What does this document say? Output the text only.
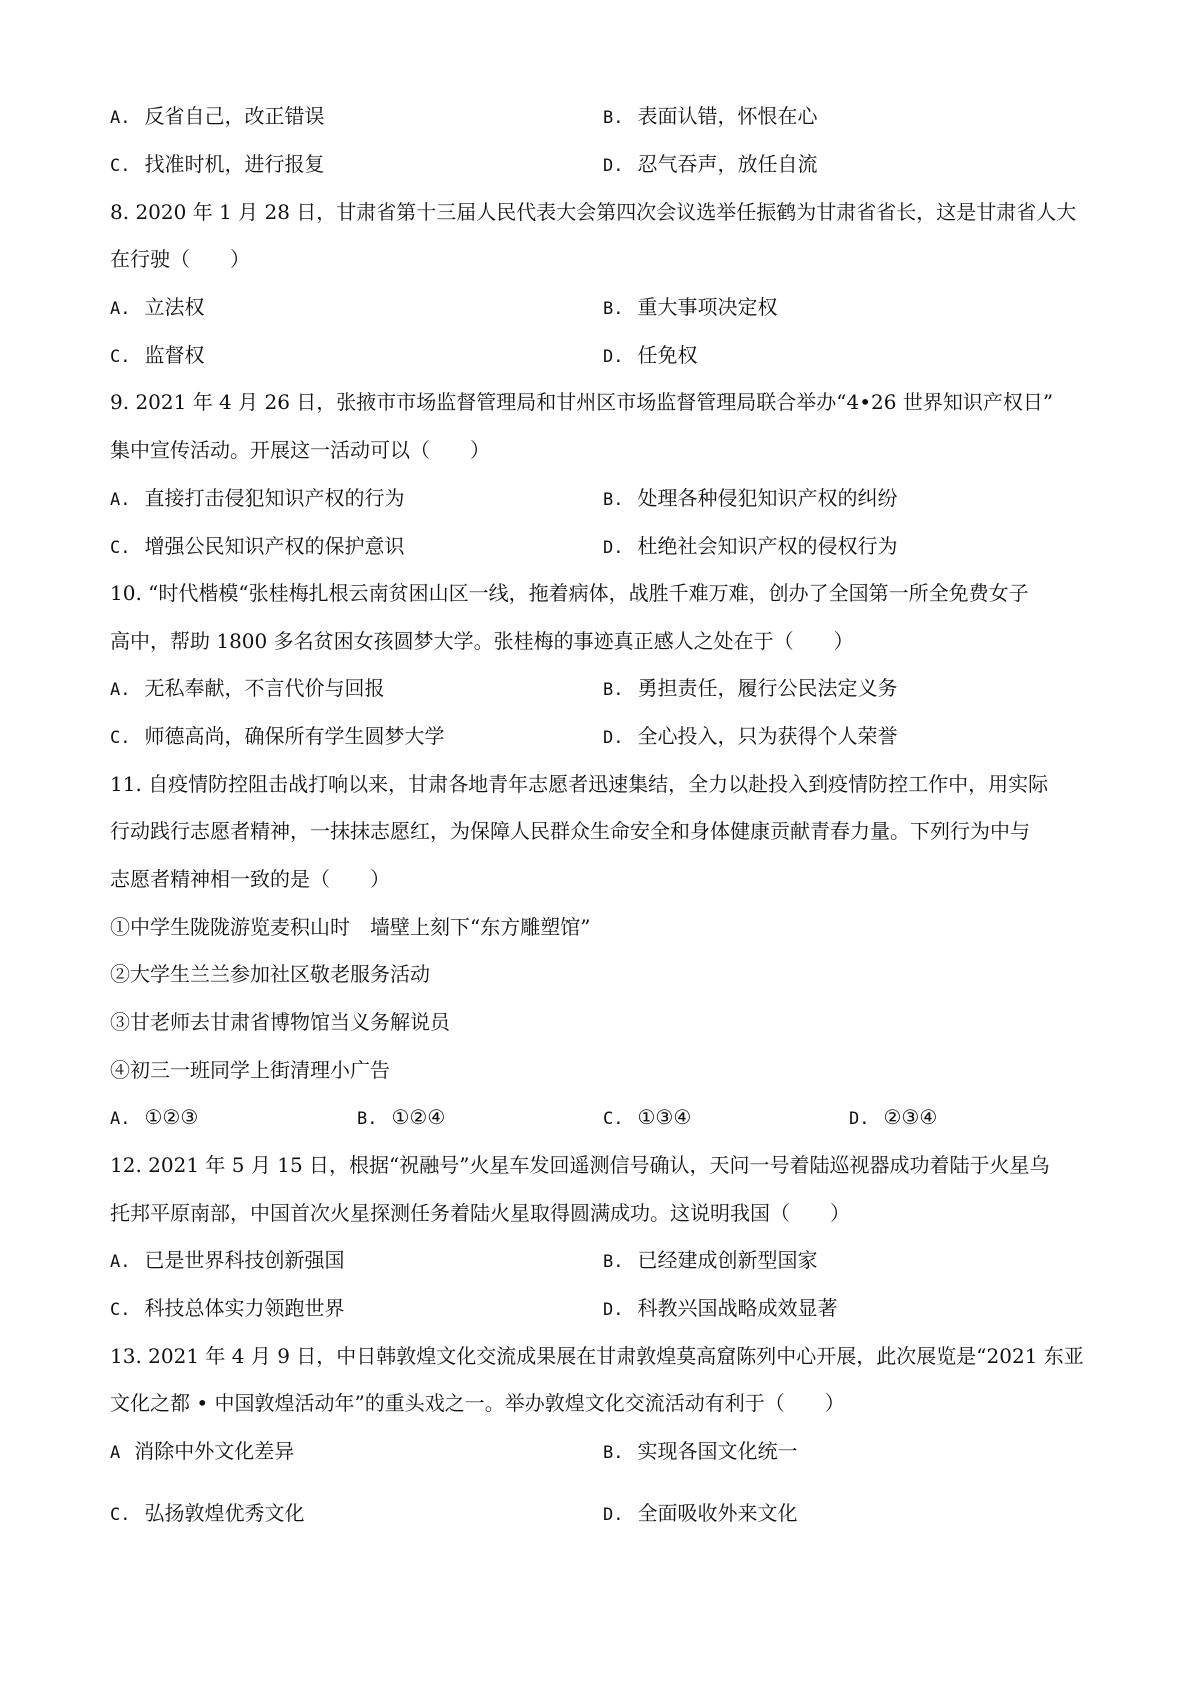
A. 反省自己，改正错误	B. 表面认错，怀恨在心
C. 找准时机，进行报复	D. 忍气吞声，放任自流
8. 2020 年 1 月 28 日，甘肃省第十三届人民代表大会第四次会议选举任振鹤为甘肃省省长，这是甘肃省人大
在行驶（　　）
A. 立法权	B. 重大事项决定权
C. 监督权	D. 任免权
9. 2021 年 4 月 26 日，张掖市市场监督管理局和甘州区市场监督管理局联合举办“4•26 世界知识产权日”
集中宣传活动。开展这一活动可以（　　）
A. 直接打击侵犯知识产权的行为	B. 处理各种侵犯知识产权的纠纷
C. 增强公民知识产权的保护意识	D. 杜绝社会知识产权的侵权行为
10. “时代楷模“张桂梅扎根云南贫困山区一线，拖着病体，战胜千难万难，创办了全国第一所全免费女子
高中，帮助 1800 多名贫困女孩圆梦大学。张桂梅的事迹真正感人之处在于（　　）
A. 无私奉献，不言代价与回报	B. 勇担责任，履行公民法定义务
C. 师德高尚，确保所有学生圆梦大学	D. 全心投入，只为获得个人荣誉
11. 自疫情防控阻击战打响以来，甘肃各地青年志愿者迅速集结，全力以赴投入到疫情防控工作中，用实际
行动践行志愿者精神，一抹抹志愿红，为保障人民群众生命安全和身体健康贡献青春力量。下列行为中与
志愿者精神相一致的是（　　）
①中学生陇陇游览麦积山时　墙壁上刻下“东方雕塑馆”
②大学生兰兰参加社区敬老服务活动
③甘老师去甘肃省博物馆当义务解说员
④初三一班同学上街清理小广告
A. ①②③	B. ①②④	C. ①③④	D. ②③④
12. 2021 年 5 月 15 日，根据“祝融号”火星车发回遥测信号确认，天问一号着陆巡视器成功着陆于火星乌
托邦平原南部，中国首次火星探测任务着陆火星取得圆满成功。这说明我国（　　）
A. 已是世界科技创新强国	B. 已经建成创新型国家
C. 科技总体实力领跑世界	D. 科教兴国战略成效显著
13. 2021 年 4 月 9 日，中日韩敦煌文化交流成果展在甘肃敦煌莫高窟陈列中心开展，此次展览是“2021 东亚
文化之都 • 中国敦煌活动年”的重头戏之一。举办敦煌文化交流活动有利于（　　）
A 消除中外文化差异	B. 实现各国文化统一
C. 弘扬敦煌优秀文化	D. 全面吸收外来文化
